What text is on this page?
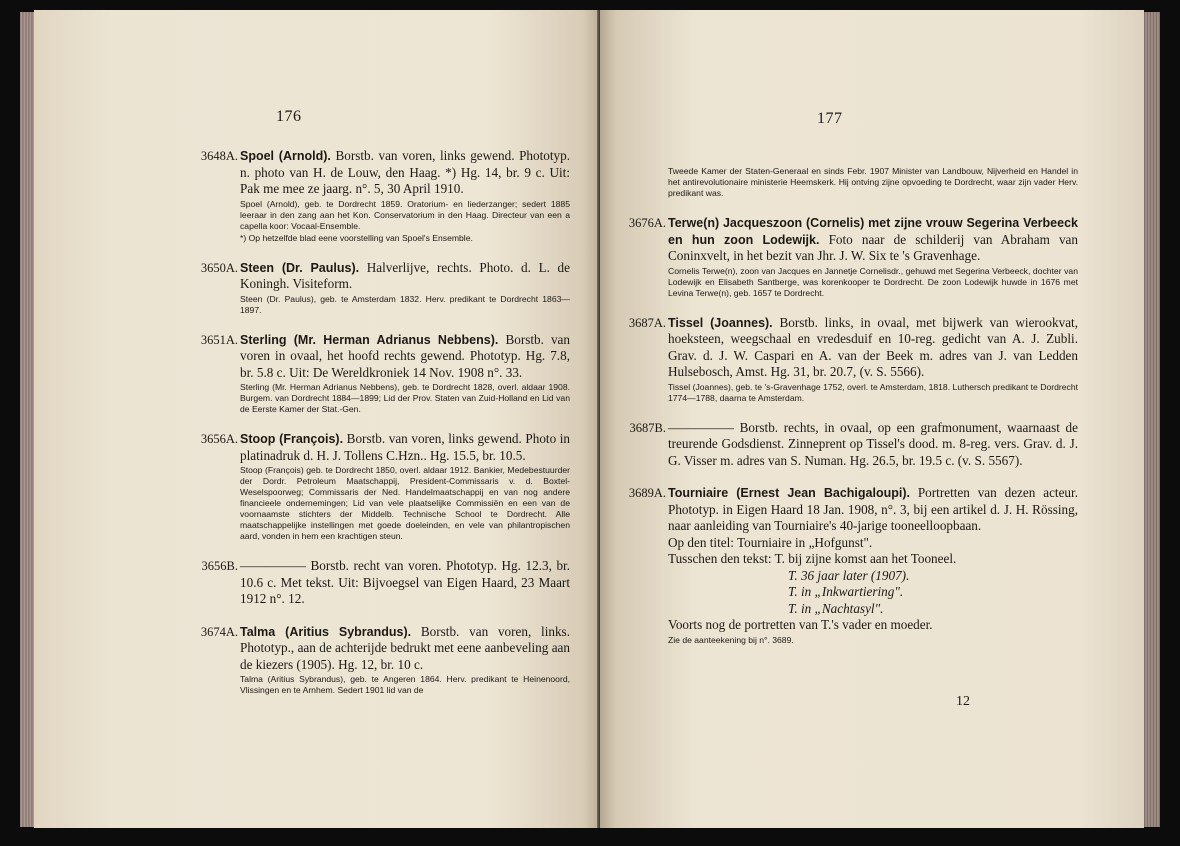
176
3648A. Spoel (Arnold). Borstb. van voren, links gewend. Phototyp. n. photo van H. de Louw, den Haag. *) Hg. 14, br. 9 c. Uit: Pak me mee ze jaarg. n°. 5, 30 April 1910.
Spoel (Arnold), geb. te Dordrecht 1859. Oratorium- en liederzanger; sedert 1885 leeraar in den zang aan het Kon. Conservatorium in den Haag. Directeur van een a capella koor: Vocaal-Ensemble.
*) Op hetzelfde blad eene voorstelling van Spoel's Ensemble.
3650A. Steen (Dr. Paulus). Halverlijve, rechts. Photo. d. L. de Koningh. Visiteform.
Steen (Dr. Paulus), geb. te Amsterdam 1832. Herv. predikant te Dordrecht 1863—1897.
3651A. Sterling (Mr. Herman Adrianus Nebbens). Borstb. van voren in ovaal, het hoofd rechts gewend. Phototyp. Hg. 7.8, br. 5.8 c. Uit: De Wereldkroniek 14 Nov. 1908 n°. 33.
Sterling (Mr. Herman Adrianus Nebbens), geb. te Dordrecht 1828, overl. aldaar 1908. Burgem. van Dordrecht 1884—1899; Lid der Prov. Staten van Zuid-Holland en Lid van de Eerste Kamer der Stat.-Gen.
3656A. Stoop (François). Borstb. van voren, links gewend. Photo in platinadruk d. H. J. Tollens C.Hzn.. Hg. 15.5, br. 10.5.
Stoop (François) geb. te Dordrecht 1850, overl. aldaar 1912. Bankier, Medebestuurder der Dordr. Petroleum Maatschappij, President-Commissaris v. d. Boxtel-Weselspoorweg; Commissaris der Ned. Handelmaatschappij en van nog andere financieele ondernemingen; Lid van vele plaatselijke Commissiën en een van de voornaamste stichters der Middelb. Technische School te Dordrecht. Alle maatschappelijke instellingen met goede doeleinden, en vele van philantropischen aard, vonden in hem een krachtigen steun.
3656B. ————— Borstb. recht van voren. Phototyp. Hg. 12.3, br. 10.6 c. Met tekst. Uit: Bijvoegsel van Eigen Haard, 23 Maart 1912 n°. 12.
3674A. Talma (Aritius Sybrandus). Borstb. van voren, links. Phototyp., aan de achterijde bedrukt met eene aanbeveling aan de kiezers (1905). Hg. 12, br. 10 c.
Talma (Aritius Sybrandus), geb. te Angeren 1864. Herv. predikant te Heinenoord, Vlissingen en te Arnhem. Sedert 1901 lid van de
177
Tweede Kamer der Staten-Generaal en sinds Febr. 1907 Minister van Landbouw, Nijverheid en Handel in het antirevolutionaire ministerie Heemskerk. Hij ontving zijne opvoeding te Dordrecht, waar zijn vader Herv. predikant was.
3676A. Terwe(n) Jacqueszoon (Cornelis) met zijne vrouw Segerina Verbeeck en hun zoon Lodewijk. Foto naar de schilderij van Abraham van Coninxvelt, in het bezit van Jhr. J. W. Six te 's Gravenhage.
Cornelis Terwe(n), zoon van Jacques en Jannetje Cornelisdr., gehuwd met Segerina Verbeeck, dochter van Lodewijk en Elisabeth Santberge, was korenkooper te Dordrecht. De zoon Lodewijk huwde in 1676 met Levina Terwe(n), geb. 1657 te Dordrecht.
3687A. Tissel (Joannes). Borstb. links, in ovaal, met bijwerk van wierookvat, hoeksteen, weegschaal en vredesduif en 10-reg. gedicht van A. J. Zubli. Grav. d. J. W. Caspari en A. van der Beek m. adres van J. van Ledden Hulsebosch, Amst. Hg. 31, br. 20.7, (v. S. 5566).
Tissel (Joannes), geb. te 's-Gravenhage 1752, overl. te Amsterdam, 1818. Luthersch predikant te Dordrecht 1774—1788, daarna te Amsterdam.
3687B. ————— Borstb. rechts, in ovaal, op een grafmonument, waarnaast de treurende Godsdienst. Zinneprent op Tissel's dood. m. 8-reg. vers. Grav. d. J. G. Visser m. adres van S. Numan. Hg. 26.5, br. 19.5 c. (v. S. 5567).
3689A. Tourniaire (Ernest Jean Bachigaloupi). Portretten van dezen acteur. Phototyp. in Eigen Haard 18 Jan. 1908, n°. 3, bij een artikel d. J. H. Rössing, naar aanleiding van Tourniaire's 40-jarige tooneelloopbaan.
Op den titel: Tourniaire in „Hofgunst".
Tusschen den tekst: T. bij zijne komst aan het Tooneel.
T. 36 jaar later (1907).
T. in „Inkwartiering".
T. in „Nachtasyl".
Voorts nog de portretten van T.'s vader en moeder.
Zie de aanteekening bij n°. 3689.
12
